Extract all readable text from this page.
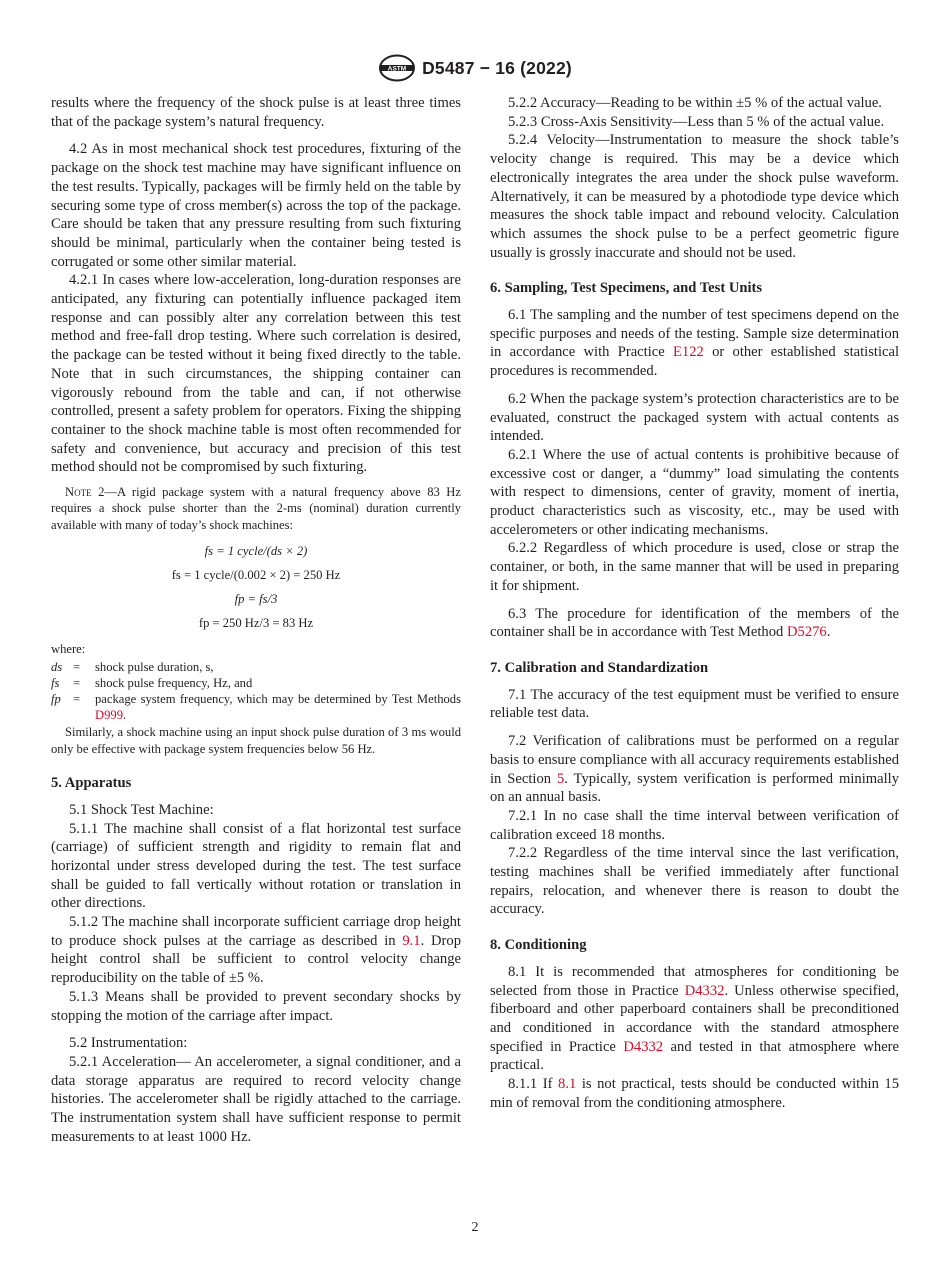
ASTM D5487 − 16 (2022)

results where the frequency of the shock pulse is at least three times that of the package system’s natural frequency.

4.2 As in most mechanical shock test procedures, fixturing of the package on the shock test machine may have significant influence on the test results. Typically, packages will be firmly held on the table by securing some type of cross member(s) across the top of the package. Care should be taken that any pressure resulting from such fixturing should be minimal, particularly when the container being tested is corrugated or some other similar material.

4.2.1 In cases where low-acceleration, long-duration responses are anticipated, any fixturing can potentially influence packaged item response and can possibly alter any correlation between this test method and free-fall drop testing. Where such correlation is desired, the package can be tested without it being fixed directly to the table. Note that in such circumstances, the shipping container can vigorously rebound from the table and can, if not otherwise controlled, present a safety problem for operators. Fixing the shipping container to the shock machine table is most often recommended for safety and convenience, but accuracy and precision of this test method should not be compromised by such fixturing.

Note 2—A rigid package system with a natural frequency above 83 Hz requires a shock pulse shorter than the 2-ms (nominal) duration currently available with many of today’s shock machines:
fs = 1 cycle/(ds × 2)
fs = 1 cycle/(0.002 × 2) = 250 Hz
fp = fs/3
fp = 250 Hz/3 = 83 Hz
where:
ds =	shock pulse duration, s,
fs	=	shock pulse frequency, Hz, and
fp =	package system frequency, which may be determined by Test Methods D999.
Similarly, a shock machine using an input shock pulse duration of 3 ms would only be effective with package system frequencies below 56 Hz.
5. Apparatus

5.1 Shock Test Machine:

5.1.1 The machine shall consist of a flat horizontal test surface (carriage) of sufficient strength and rigidity to remain flat and horizontal under stress developed during the test. The test surface shall be guided to fall vertically without rotation or translation in other directions.

5.1.2 The machine shall incorporate sufficient carriage drop height to produce shock pulses at the carriage as described in 9.1. Drop height control shall be sufficient to control velocity change reproducibility on the table of ±5 %.

5.1.3 Means shall be provided to prevent secondary shocks by stopping the motion of the carriage after impact.

5.2 Instrumentation:

5.2.1 Acceleration— An accelerometer, a signal conditioner, and a data storage apparatus are required to record velocity change histories. The accelerometer shall be rigidly attached to the carriage. The instrumentation system shall have sufficient response to permit measurements to at least 1000 Hz.

5.2.2 Accuracy—Reading to be within ±5 % of the actual value.

5.2.3 Cross-Axis Sensitivity—Less than 5 % of the actual value.

5.2.4 Velocity—Instrumentation to measure the shock table’s velocity change is required. This may be a device which electronically integrates the area under the shock pulse waveform. Alternatively, it can be measured by a photodiode type device which measures the shock table impact and rebound velocity. Calculation which assumes the shock pulse to be a perfect geometric figure usually is grossly inaccurate and should not be used.

6. Sampling, Test Specimens, and Test Units

6.1 The sampling and the number of test specimens depend on the specific purposes and needs of the testing. Sample size determination in accordance with Practice E122 or other established statistical procedures is recommended.

6.2 When the package system’s protection characteristics are to be evaluated, construct the packaged system with actual contents as intended.

6.2.1 Where the use of actual contents is prohibitive because of excessive cost or danger, a “dummy” load simulating the contents with respect to dimensions, center of gravity, moment of inertia, product characteristics such as viscosity, etc., may be used with accelerometers or other indicating mechanisms.

6.2.2 Regardless of which procedure is used, close or strap the container, or both, in the same manner that will be used in preparing it for shipment.

6.3 The procedure for identification of the members of the container shall be in accordance with Test Method D5276.

7. Calibration and Standardization

7.1 The accuracy of the test equipment must be verified to ensure reliable test data.

7.2 Verification of calibrations must be performed on a regular basis to ensure compliance with all accuracy requirements established in Section 5. Typically, system verification is performed minimally on an annual basis.

7.2.1 In no case shall the time interval between verification of calibration exceed 18 months.

7.2.2 Regardless of the time interval since the last verification, testing machines shall be verified immediately after functional repairs, relocation, and whenever there is reason to doubt the accuracy.

8. Conditioning

8.1 It is recommended that atmospheres for conditioning be selected from those in Practice D4332. Unless otherwise specified, fiberboard and other paperboard containers shall be preconditioned and conditioned in accordance with the standard atmosphere specified in Practice D4332 and tested in that atmosphere where practical.

8.1.1 If 8.1 is not practical, tests should be conducted within 15 min of removal from the conditioning atmosphere.

2
